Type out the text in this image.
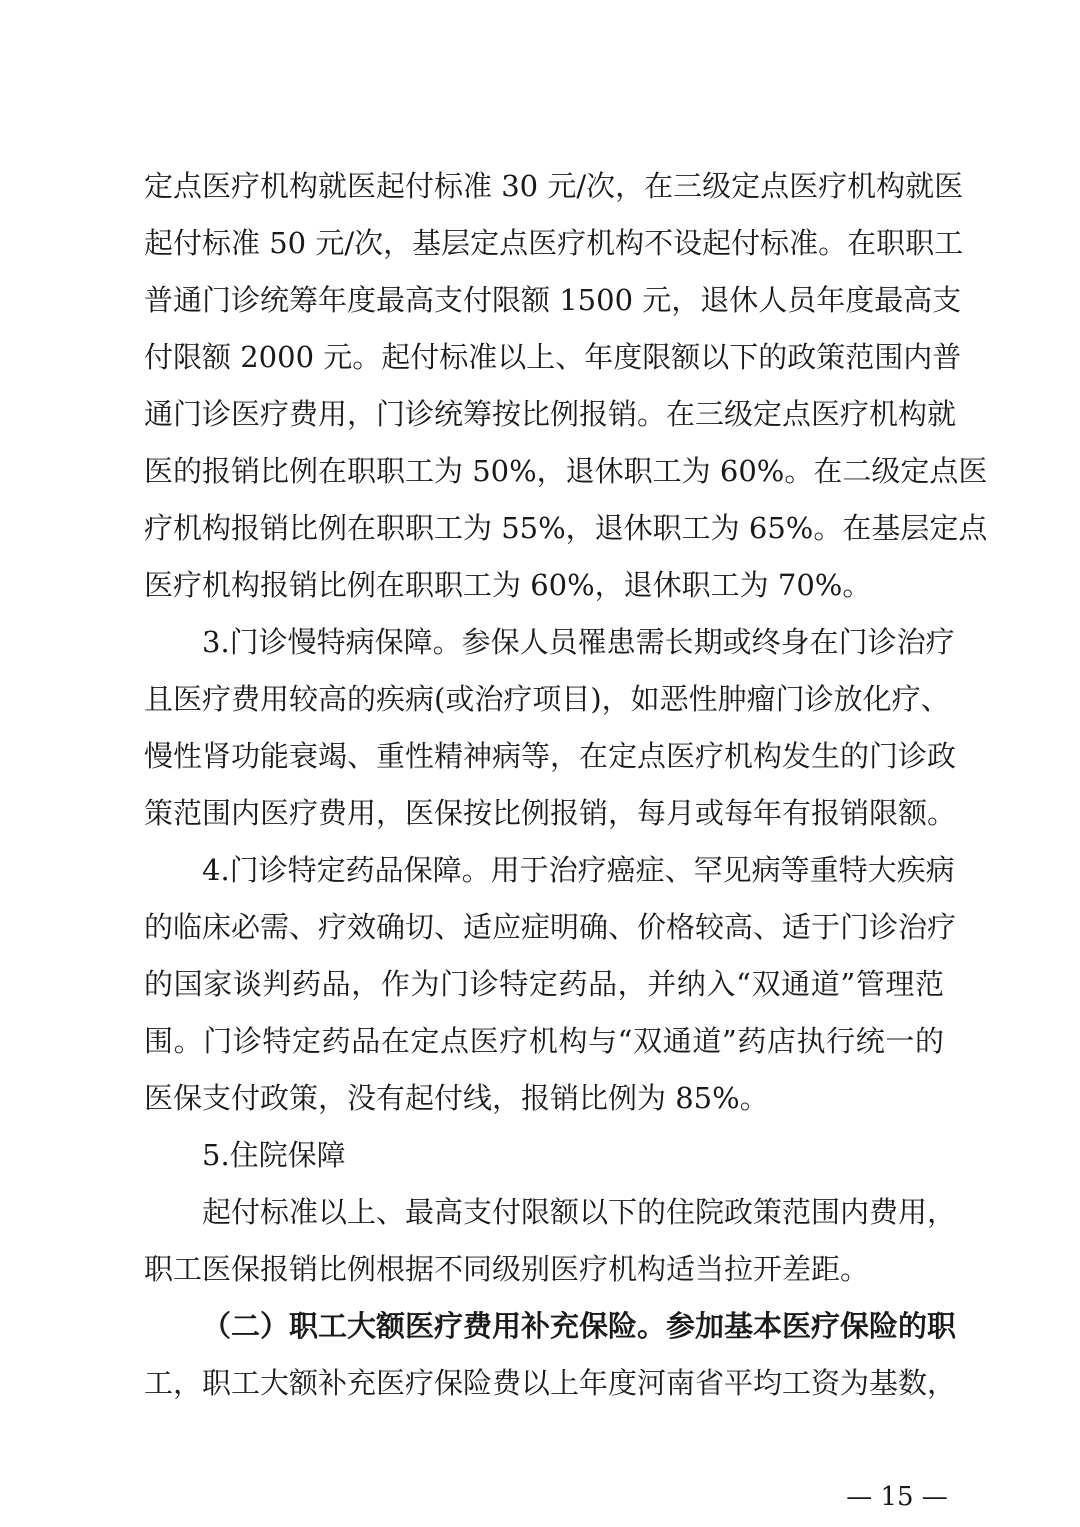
定点医疗机构就医起付标准 30 元/次，在三级定点医疗机构就医
起付标准 50 元/次，基层定点医疗机构不设起付标准。在职职工
普通门诊统筹年度最高支付限额 1500 元，退休人员年度最高支
付限额 2000 元。起付标准以上、年度限额以下的政策范围内普
通门诊医疗费用，门诊统筹按比例报销。在三级定点医疗机构就
医的报销比例在职职工为 50%，退休职工为 60%。在二级定点医
疗机构报销比例在职职工为 55%，退休职工为 65%。在基层定点
医疗机构报销比例在职职工为 60%，退休职工为 70%。
3.门诊慢特病保障。参保人员罹患需长期或终身在门诊治疗
且医疗费用较高的疾病(或治疗项目)，如恶性肿瘤门诊放化疗、
慢性肾功能衰竭、重性精神病等，在定点医疗机构发生的门诊政
策范围内医疗费用，医保按比例报销，每月或每年有报销限额。
4.门诊特定药品保障。用于治疗癌症、罕见病等重特大疾病
的临床必需、疗效确切、适应症明确、价格较高、适于门诊治疗
的国家谈判药品，作为门诊特定药品，并纳入“双通道”管理范
围。门诊特定药品在定点医疗机构与“双通道”药店执行统一的
医保支付政策，没有起付线，报销比例为 85%。
5.住院保障
起付标准以上、最高支付限额以下的住院政策范围内费用，
职工医保报销比例根据不同级别医疗机构适当拉开差距。
（二）职工大额医疗费用补充保险。参加基本医疗保险的职
工，职工大额补充医疗保险费以上年度河南省平均工资为基数，
— 15 —
